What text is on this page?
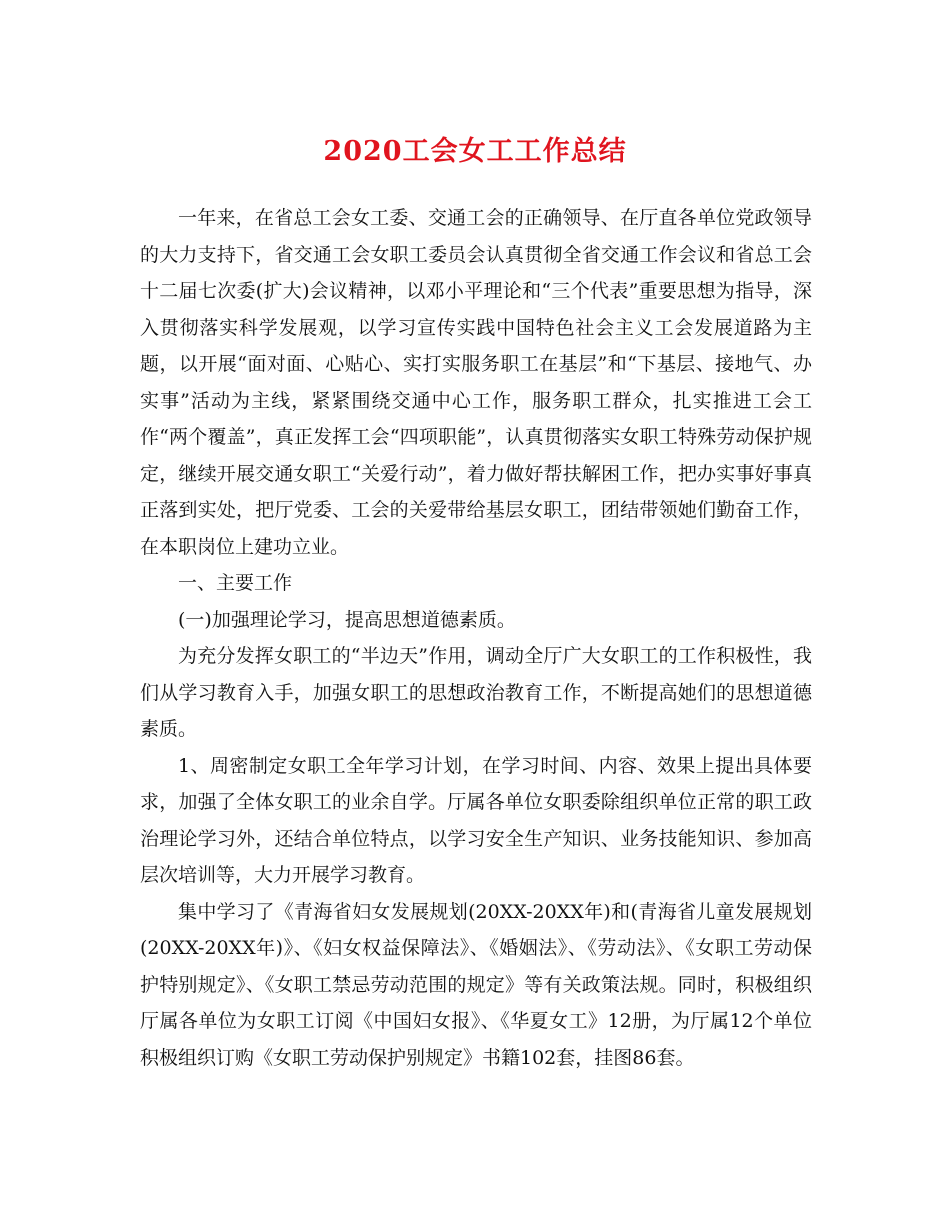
2020工会女工工作总结

一年来，在省总工会女工委、交通工会的正确领导、在厅直各单位党政领导的大力支持下，省交通工会女职工委员会认真贯彻全省交通工作会议和省总工会十二届七次委(扩大)会议精神，以邓小平理论和“三个代表”重要思想为指导，深入贯彻落实科学发展观，以学习宣传实践中国特色社会主义工会发展道路为主题，以开展“面对面、心贴心、实打实服务职工在基层”和“下基层、接地气、办实事”活动为主线，紧紧围绕交通中心工作，服务职工群众，扎实推进工会工作“两个覆盖”，真正发挥工会“四项职能”，认真贯彻落实女职工特殊劳动保护规定，继续开展交通女职工“关爱行动”，着力做好帮扶解困工作，把办实事好事真正落到实处，把厅党委、工会的关爱带给基层女职工，团结带领她们勤奋工作，在本职岗位上建功立业。

一、主要工作

(一)加强理论学习，提高思想道德素质。

为充分发挥女职工的“半边天”作用，调动全厅广大女职工的工作积极性，我们从学习教育入手，加强女职工的思想政治教育工作，不断提高她们的思想道德素质。

1、周密制定女职工全年学习计划，在学习时间、内容、效果上提出具体要求，加强了全体女职工的业余自学。厅属各单位女职委除组织单位正常的职工政治理论学习外，还结合单位特点，以学习安全生产知识、业务技能知识、参加高层次培训等，大力开展学习教育。

集中学习了《青海省妇女发展规划(20XX-20XX年)和(青海省儿童发展规划(20XX-20XX年)》、《妇女权益保障法》、《婚姻法》、《劳动法》、《女职工劳动保护特别规定》、《女职工禁忌劳动范围的规定》等有关政策法规。同时，积极组织厅属各单位为女职工订阅《中国妇女报》、《华夏女工》12册，为厅属12个单位积极组织订购《女职工劳动保护别规定》书籍102套，挂图86套。
